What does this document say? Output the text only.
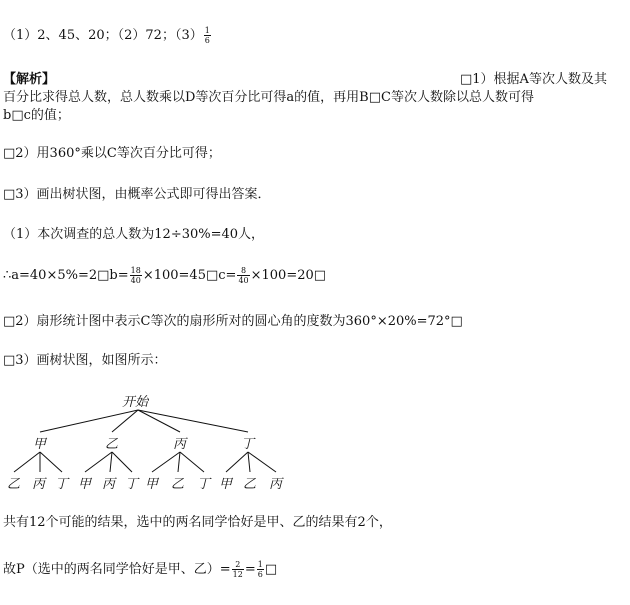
（1）2、45、20；（2）72；$(3) \frac{1}{6}$
【解析】	□1）根据A等次人数及其
百分比求得总人数，总人数乘以D等次百分比可得a的值，再用B□C等次人数除以总人数可得
b□c的值；
□2）用360°乘以C等次百分比可得；
□3）画出树状图，由概率公式即可得出答案．
（1）本次调查的总人数为12÷30%=40人，
∴a=40×5%=2□b= $\frac{18}{40}$ ×100=45□c= $\frac{8}{40}$ ×100=20□
□2）扇形统计图中表示C等次的扇形所对的圆心角的度数为360°×20%=72°□
□3）画树状图，如图所示：
开始
甲	乙	丙	丁
乙 丙 丁 甲 丙 丁 甲 乙 丁 甲 乙 丙
共有12个可能的结果，选中的两名同学恰好是甲、乙的结果有2个，
故P（选中的两名同学恰好是甲、乙）= $\frac{2}{12} = \frac{1}{6}$ □
